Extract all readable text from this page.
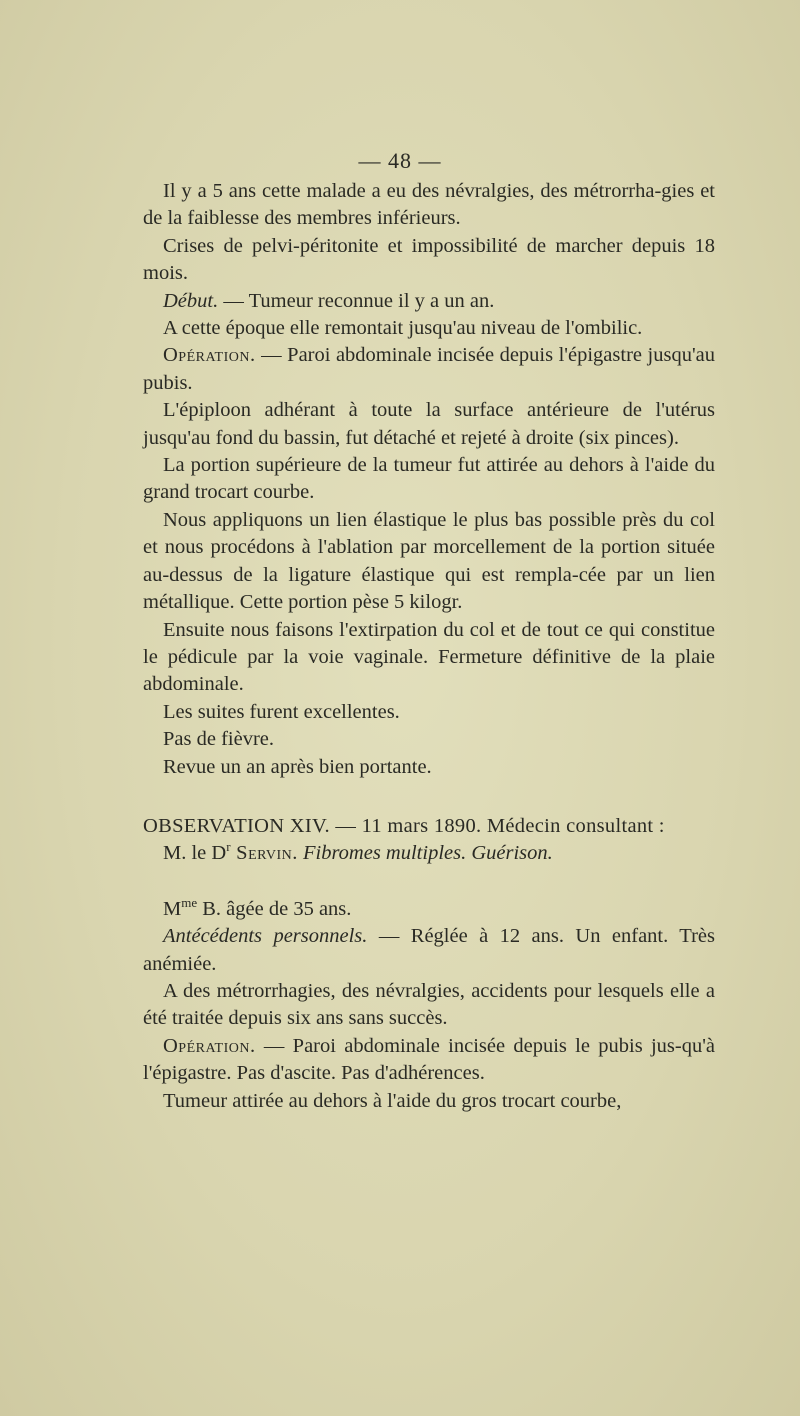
— 48 —

Il y a 5 ans cette malade a eu des névralgies, des métrorrha-gies et de la faiblesse des membres inférieurs.

Crises de pelvi-péritonite et impossibilité de marcher depuis 18 mois.

Début. — Tumeur reconnue il y a un an.

A cette époque elle remontait jusqu'au niveau de l'ombilic.

Opération. — Paroi abdominale incisée depuis l'épigastre jusqu'au pubis.

L'épiploon adhérant à toute la surface antérieure de l'utérus jusqu'au fond du bassin, fut détaché et rejeté à droite (six pinces).

La portion supérieure de la tumeur fut attirée au dehors à l'aide du grand trocart courbe.

Nous appliquons un lien élastique le plus bas possible près du col et nous procédons à l'ablation par morcellement de la portion située au-dessus de la ligature élastique qui est rempla-cée par un lien métallique. Cette portion pèse 5 kilogr.

Ensuite nous faisons l'extirpation du col et de tout ce qui constitue le pédicule par la voie vaginale. Fermeture définitive de la plaie abdominale.

Les suites furent excellentes.

Pas de fièvre.

Revue un an après bien portante.

OBSERVATION XIV. — 11 mars 1890. Médecin consultant :

M. le $D^r$ Servin. Fibromes multiples. Guérison.

$M^{me}$ B. âgée de 35 ans.

Antécédents personnels. — Réglée à 12 ans. Un enfant. Très anémiée.

A des métrorrhagies, des névralgies, accidents pour lesquels elle a été traitée depuis six ans sans succès.

Opération. — Paroi abdominale incisée depuis le pubis jus-qu'à l'épigastre. Pas d'ascite. Pas d'adhérences.

Tumeur attirée au dehors à l'aide du gros trocart courbe,
